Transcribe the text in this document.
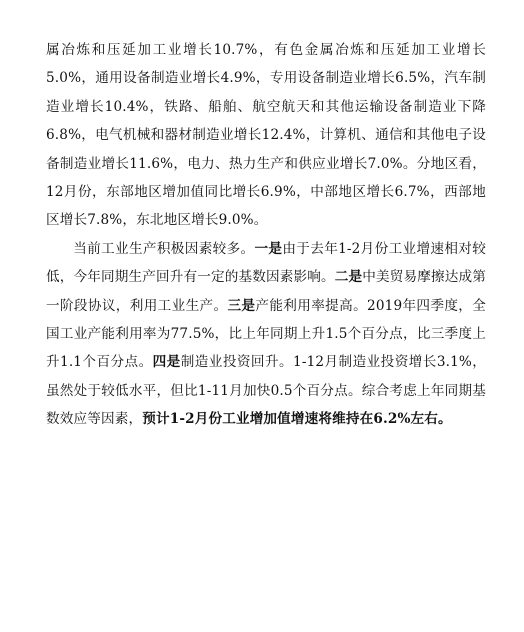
属冶炼和压延加工业增长10.7%，有色金属冶炼和压延加工业增长5.0%，通用设备制造业增长4.9%，专用设备制造业增长6.5%，汽车制造业增长10.4%，铁路、船舶、航空航天和其他运输设备制造业下降6.8%，电气机械和器材制造业增长12.4%，计算机、通信和其他电子设备制造业增长11.6%，电力、热力生产和供应业增长7.0%。分地区看，12月份，东部地区增加值同比增长6.9%，中部地区增长6.7%，西部地区增长7.8%，东北地区增长9.0%。

当前工业生产积极因素较多。一是由于去年1-2月份工业增速相对较低，今年同期生产回升有一定的基数因素影响。二是中美贸易摩擦达成第一阶段协议，利用工业生产。三是产能利用率提高。2019年四季度，全国工业产能利用率为77.5%，比上年同期上升1.5个百分点，比三季度上升1.1个百分点。四是制造业投资回升。1-12月制造业投资增长3.1%，虽然处于较低水平，但比1-11月加快0.5个百分点。综合考虑上年同期基数效应等因素，预计1-2月份工业增加值增速将维持在6.2%左右。
